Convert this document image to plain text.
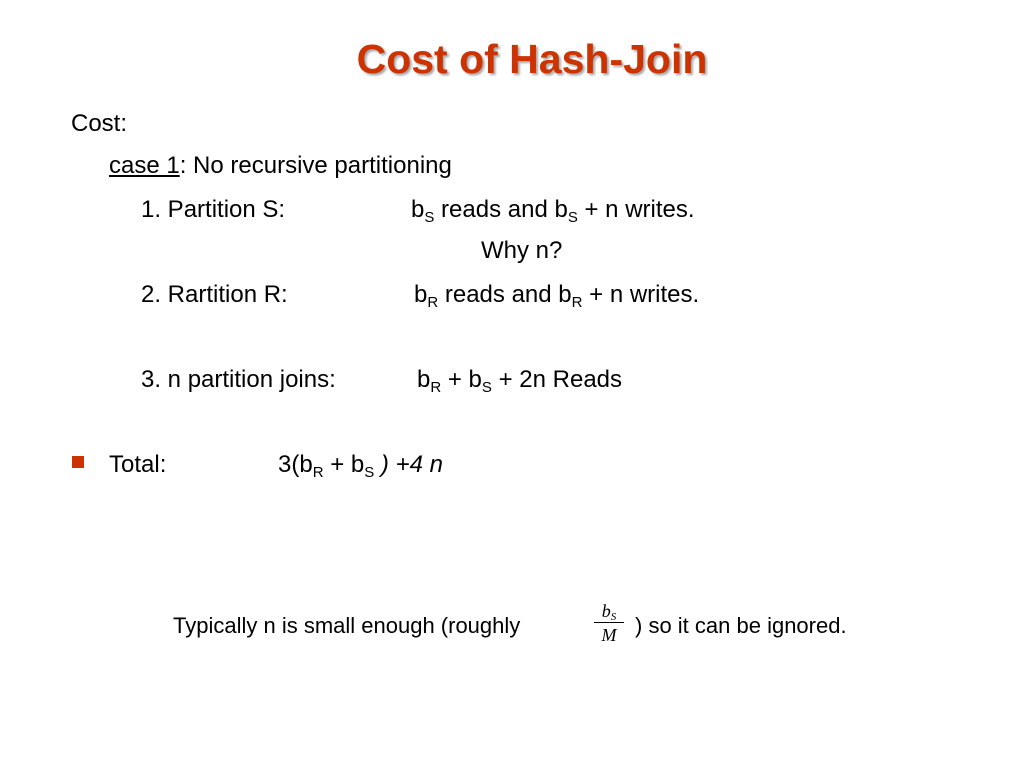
Cost of Hash-Join
Cost:
case 1: No recursive partitioning
1. Partition S:	$b_S$ reads and $b_S + n$ writes.
Why n?
2. Rartition R:	$b_R$ reads and $b_R + n$ writes.
3. n partition joins:	$b_R + b_S + 2n$ Reads
Total:	$3(b_R + b_S$ ) +4 n
Typically n is small enough (roughly
$b_S$
M ) so it can be ignored.
